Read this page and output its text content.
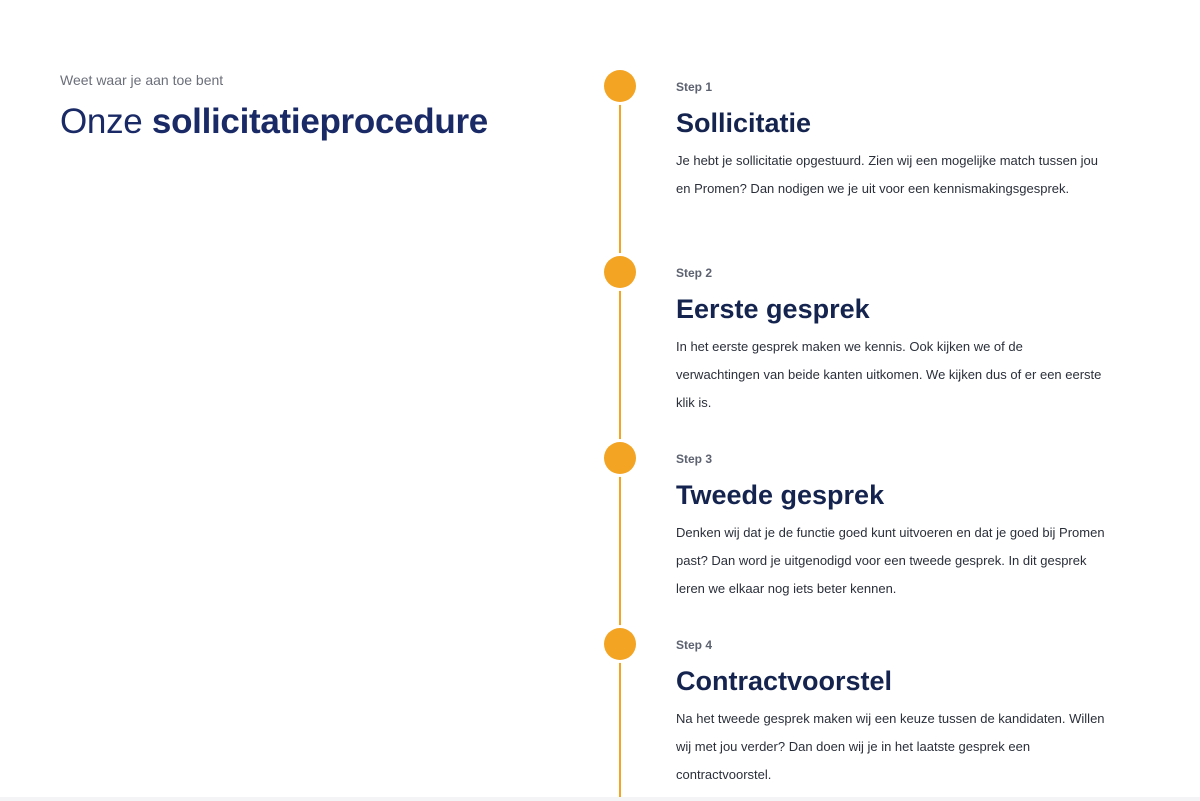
Weet waar je aan toe bent

Onze sollicitatieprocedure

Step 1

Sollicitatie

Je hebt je sollicitatie opgestuurd. Zien wij een mogelijke match tussen jou en Promen? Dan nodigen we je uit voor een kennismakingsgesprek.

Step 2

Eerste gesprek

In het eerste gesprek maken we kennis. Ook kijken we of de verwachtingen van beide kanten uitkomen. We kijken dus of er een eerste klik is.

Step 3

Tweede gesprek

Denken wij dat je de functie goed kunt uitvoeren en dat je goed bij Promen past? Dan word je uitgenodigd voor een tweede gesprek. In dit gesprek leren we elkaar nog iets beter kennen.

Step 4

Contractvoorstel

Na het tweede gesprek maken wij een keuze tussen de kandidaten. Willen wij met jou verder? Dan doen wij je in het laatste gesprek een contractvoorstel.
